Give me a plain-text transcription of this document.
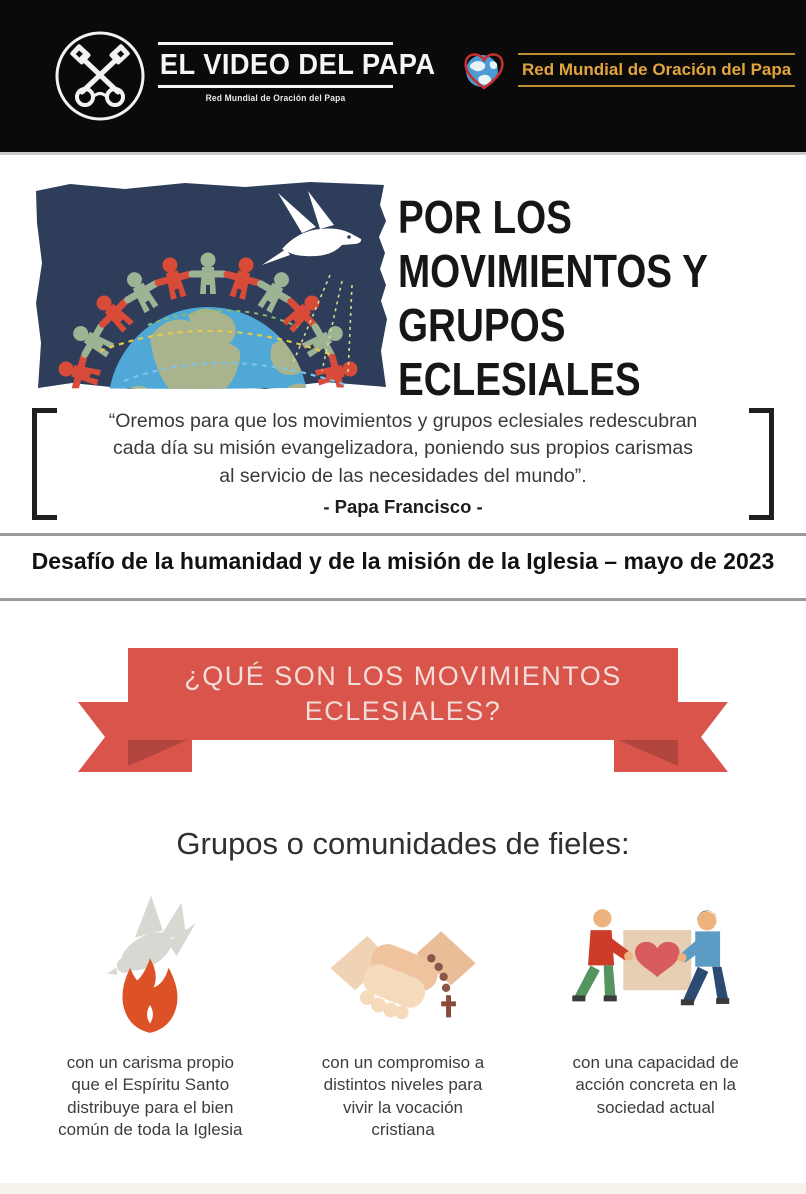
EL VIDEO DEL PAPA
Red Mundial de Oración del Papa
Red Mundial de Oración del Papa
POR LOS
MOVIMIENTOS Y
GRUPOS ECLESIALES
“Oremos para que los movimientos y grupos eclesiales redescubran
cada día su misión evangelizadora, poniendo sus propios carismas
al servicio de las necesidades del mundo”.
- Papa Francisco -
Desafío de la humanidad y de la misión de la Iglesia – mayo de 2023
¿QUÉ SON LOS MOVIMIENTOS
ECLESIALES?
Grupos o comunidades de fieles:

con un carisma propio que el Espíritu Santo distribuye para el bien común de toda la Iglesia

con un compromiso a distintos niveles para vivir la vocación cristiana

con una capacidad de acción concreta en la sociedad actual
